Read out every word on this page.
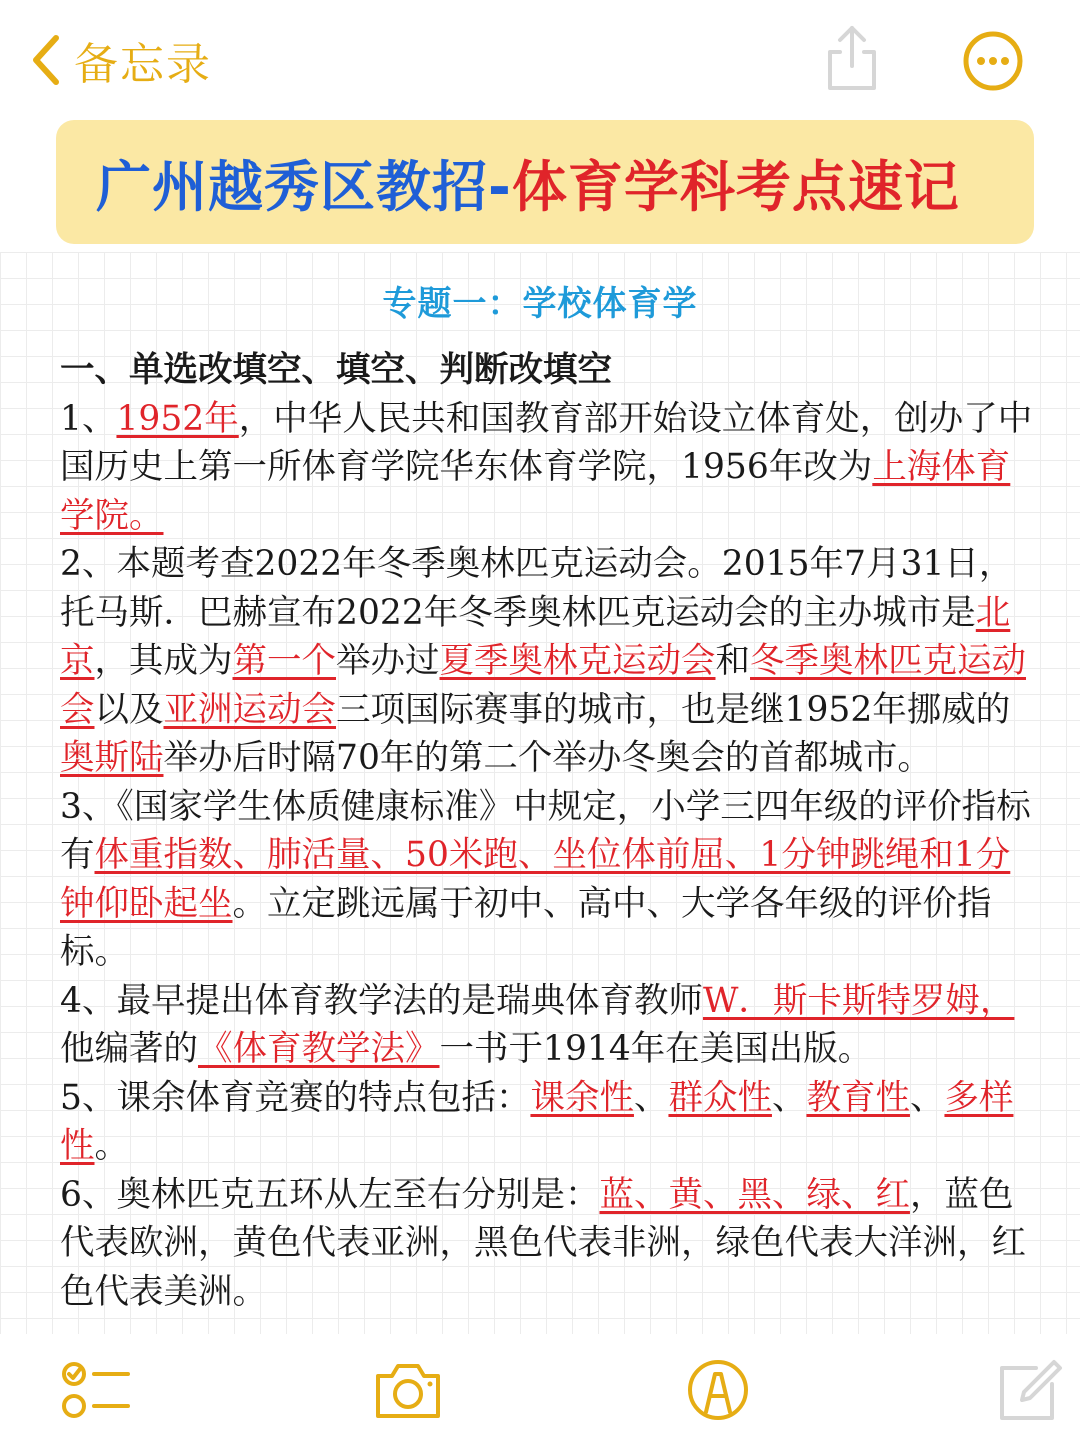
备忘录
广州越秀区教招-体育学科考点速记
专题一：学校体育学

一、单选改填空、填空、判断改填空

1、1952年，中华人民共和国教育部开始设立体育处，创办了中国历史上第一所体育学院华东体育学院，1956年改为上海体育学院。

2、本题考查2022年冬季奥林匹克运动会。2015年7月31日，托马斯．巴赫宣布2022年冬季奥林匹克运动会的主办城市是北京，其成为第一个举办过夏季奥林克运动会和冬季奥林匹克运动会以及亚洲运动会三项国际赛事的城市，也是继1952年挪威的奥斯陆举办后时隔70年的第二个举办冬奥会的首都城市。

3、《国家学生体质健康标准》中规定，小学三四年级的评价指标有体重指数、肺活量、50米跑、坐位体前屈、1分钟跳绳和1分钟仰卧起坐。立定跳远属于初中、高中、大学各年级的评价指标。

4、最早提出体育教学法的是瑞典体育教师W．斯卡斯特罗姆，他编著的《体育教学法》一书于1914年在美国出版。

5、课余体育竞赛的特点包括：课余性、群众性、教育性、多样性。

6、奥林匹克五环从左至右分别是：蓝、黄、黑、绿、红，蓝色代表欧洲，黄色代表亚洲，黑色代表非洲，绿色代表大洋洲，红色代表美洲。
